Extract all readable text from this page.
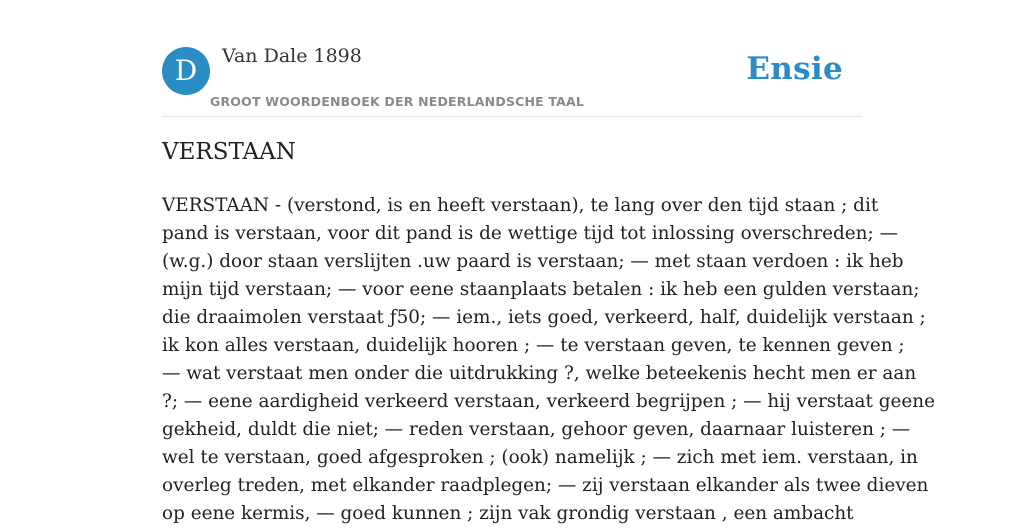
D	Van Dale 1898
GROOT WOORDENBOEK DER NEDERLANDSCHE TAAL
Ensie
VERSTAAN
VERSTAAN - (verstond, is en heeft verstaan), te lang over den tijd staan ; dit
pand is verstaan, voor dit pand is de wettige tijd tot inlossing overschreden; —
(w.g.) door staan verslijten .uw paard is verstaan; — met staan verdoen : ik heb
mijn tijd verstaan; — voor eene staanplaats betalen : ik heb een gulden verstaan;
die draaimolen verstaat ƒ50; — iem., iets goed, verkeerd, half, duidelijk verstaan ;
ik kon alles verstaan, duidelijk hooren ; — te verstaan geven, te kennen geven ;
— wat verstaat men onder die uitdrukking ?, welke beteekenis hecht men er aan
?; — eene aardigheid verkeerd verstaan, verkeerd begrijpen ; — hij verstaat geene
gekheid, duldt die niet; — reden verstaan, gehoor geven, daarnaar luisteren ; —
wel te verstaan, goed afgesproken ; (ook) namelijk ; — zich met iem. verstaan, in
overleg treden, met elkander raadplegen; — zij verstaan elkander als twee dieven
op eene kermis, — goed kunnen ; zijn vak grondig verstaan , een ambacht
